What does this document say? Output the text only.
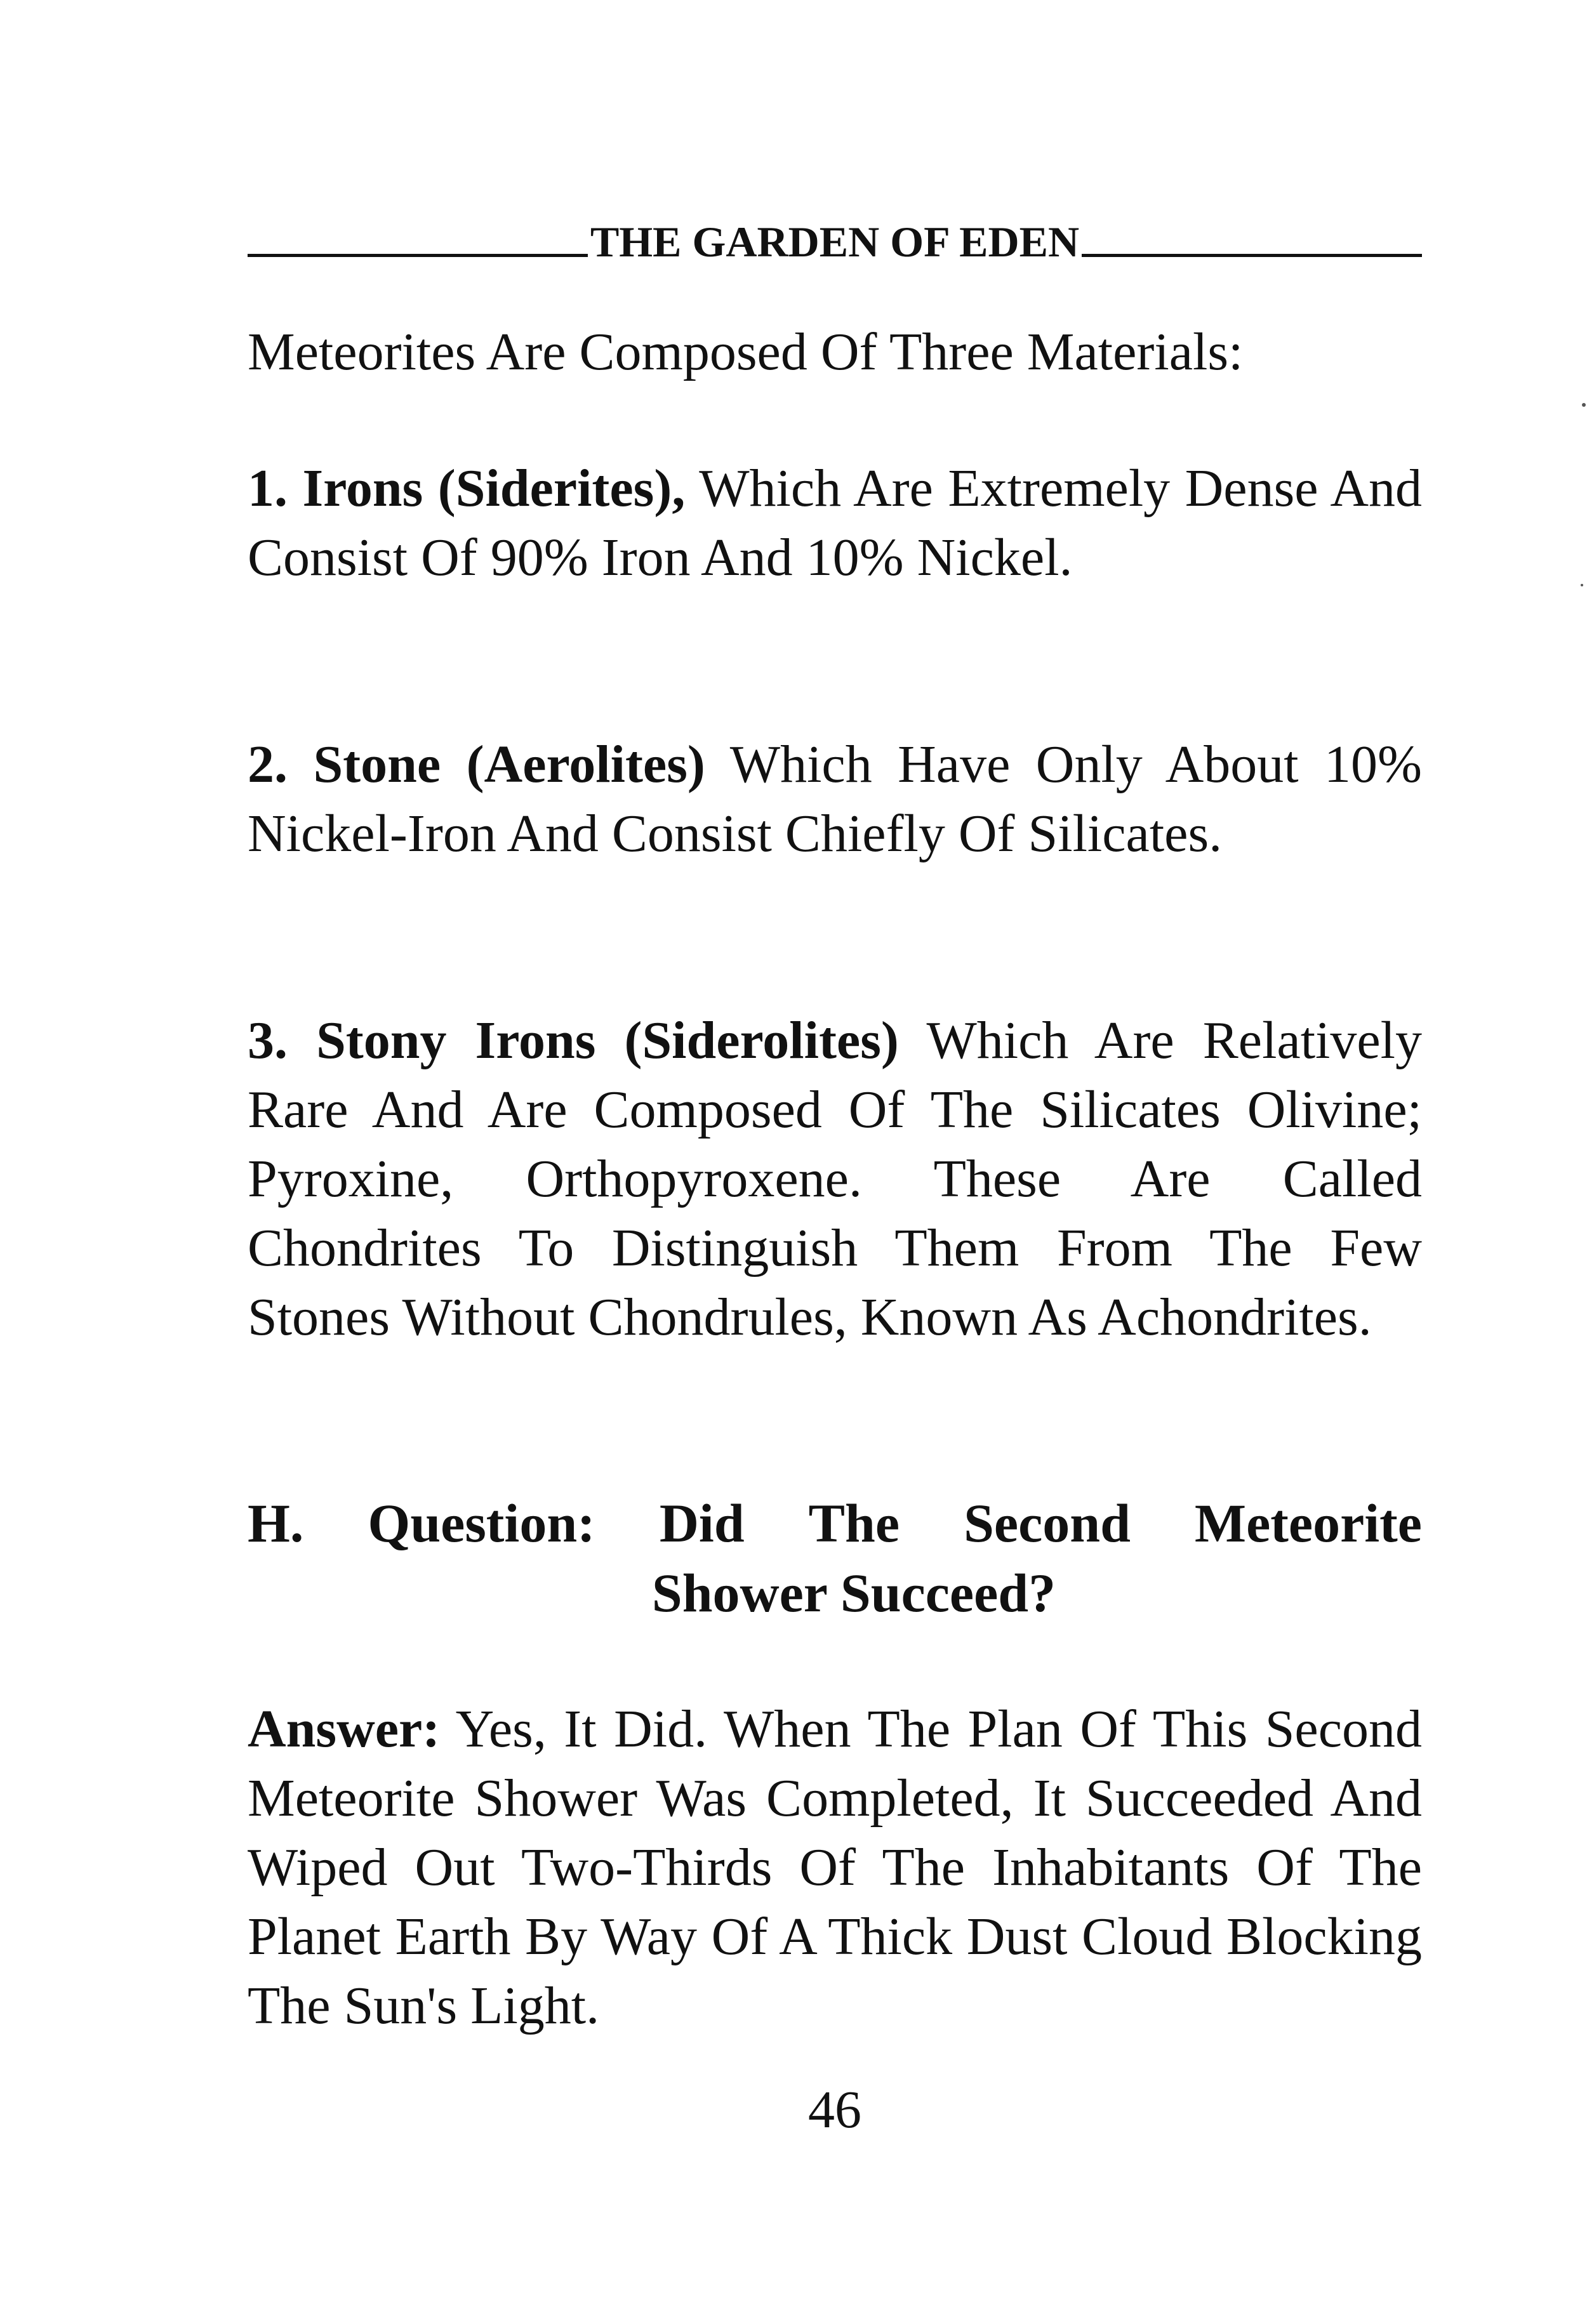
THE GARDEN OF EDEN

Meteorites Are Composed Of Three Materials:

1. Irons (Siderites), Which Are Extremely Dense And Consist Of 90% Iron And 10% Nickel.

2. Stone (Aerolites) Which Have Only About 10% Nickel-Iron And Consist Chiefly Of Silicates.

3. Stony Irons (Siderolites) Which Are Relatively Rare And Are Composed Of The Silicates Olivine; Pyroxine, Orthopyroxene. These Are Called Chondrites To Distinguish Them From The Few Stones Without Chondrules, Known As Achondrites.

H. Question: Did The Second Meteorite
Shower Succeed?

Answer: Yes, It Did. When The Plan Of This Second Meteorite Shower Was Completed, It Succeeded And Wiped Out Two-Thirds Of The Inhabitants Of The Planet Earth By Way Of A Thick Dust Cloud Blocking The Sun's Light.

46
